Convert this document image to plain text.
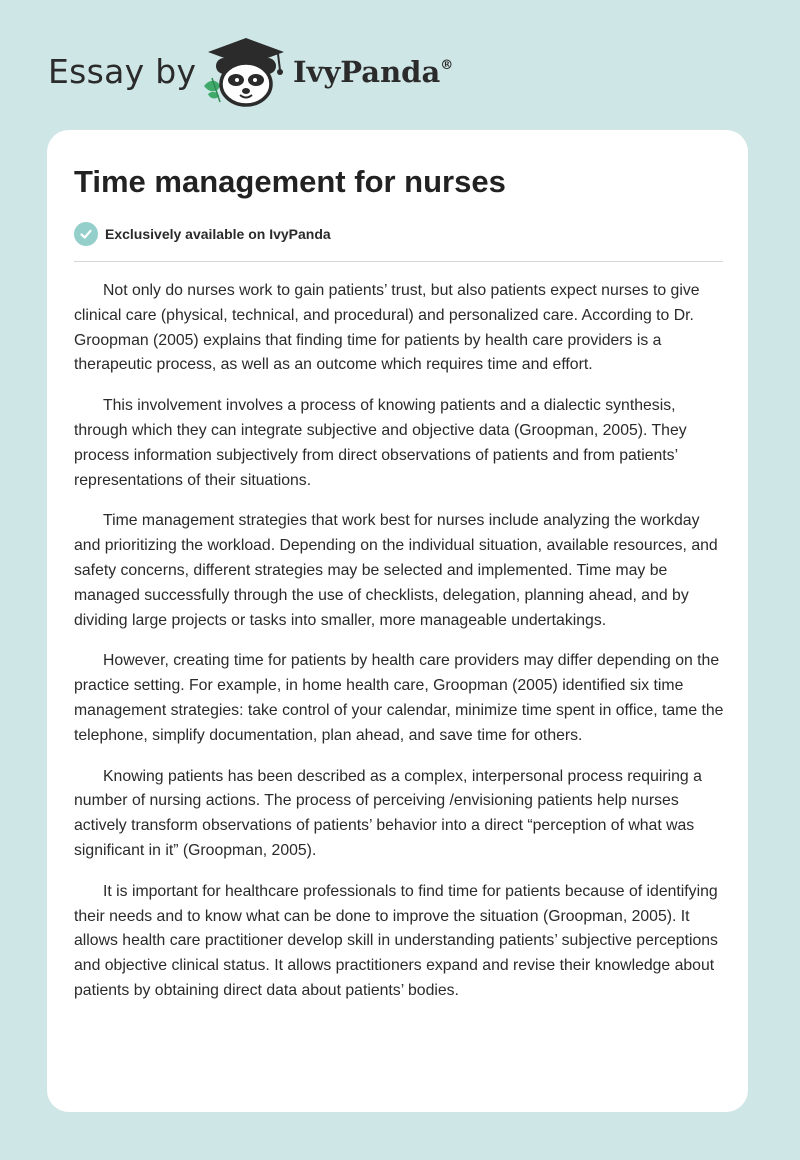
Essay by	IvyPanda®
Time management for nurses
Exclusively available on IvyPanda

Not only do nurses work to gain patients’ trust, but also patients expect nurses to give clinical care (physical, technical, and procedural) and personalized care. According to Dr. Groopman (2005) explains that finding time for patients by health care providers is a therapeutic process, as well as an outcome which requires time and effort.

This involvement involves a process of knowing patients and a dialectic synthesis, through which they can integrate subjective and objective data (Groopman, 2005). They process information subjectively from direct observations of patients and from patients’ representations of their situations.

Time management strategies that work best for nurses include analyzing the workday and prioritizing the workload. Depending on the individual situation, available resources, and safety concerns, different strategies may be selected and implemented. Time may be managed successfully through the use of checklists, delegation, planning ahead, and by dividing large projects or tasks into smaller, more manageable undertakings.

However, creating time for patients by health care providers may differ depending on the practice setting. For example, in home health care, Groopman (2005) identified six time management strategies: take control of your calendar, minimize time spent in office, tame the telephone, simplify documentation, plan ahead, and save time for others.

Knowing patients has been described as a complex, interpersonal process requiring a number of nursing actions. The process of perceiving /envisioning patients help nurses actively transform observations of patients’ behavior into a direct “perception of what was significant in it” (Groopman, 2005).

It is important for healthcare professionals to find time for patients because of identifying their needs and to know what can be done to improve the situation (Groopman, 2005). It allows health care practitioner develop skill in understanding patients’ subjective perceptions and objective clinical status. It allows practitioners expand and revise their knowledge about patients by obtaining direct data about patients’ bodies.
